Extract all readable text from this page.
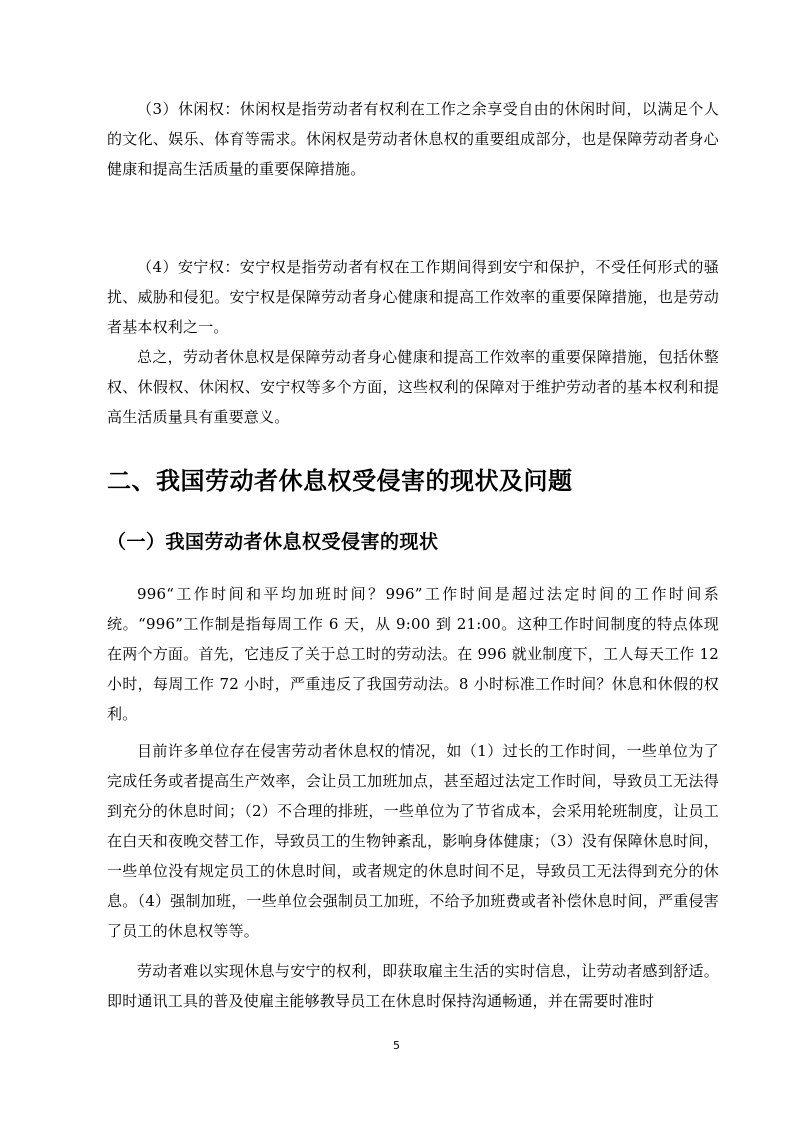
（3）休闲权：休闲权是指劳动者有权利在工作之余享受自由的休闲时间，以满足个人的文化、娱乐、体育等需求。休闲权是劳动者休息权的重要组成部分，也是保障劳动者身心健康和提高生活质量的重要保障措施。

（4）安宁权：安宁权是指劳动者有权在工作期间得到安宁和保护，不受任何形式的骚扰、威胁和侵犯。安宁权是保障劳动者身心健康和提高工作效率的重要保障措施，也是劳动者基本权利之一。

总之，劳动者休息权是保障劳动者身心健康和提高工作效率的重要保障措施，包括休整权、休假权、休闲权、安宁权等多个方面，这些权利的保障对于维护劳动者的基本权利和提高生活质量具有重要意义。

二、我国劳动者休息权受侵害的现状及问题
（一）我国劳动者休息权受侵害的现状

996“工作时间和平均加班时间？996”工作时间是超过法定时间的工作时间系统。“996”工作制是指每周工作 6 天，从 9:00 到 21:00。这种工作时间制度的特点体现在两个方面。首先，它违反了关于总工时的劳动法。在 996 就业制度下，工人每天工作 12 小时，每周工作 72 小时，严重违反了我国劳动法。8 小时标准工作时间？休息和休假的权利。

目前许多单位存在侵害劳动者休息权的情况，如（1）过长的工作时间，一些单位为了完成任务或者提高生产效率，会让员工加班加点，甚至超过法定工作时间，导致员工无法得到充分的休息时间；（2）不合理的排班，一些单位为了节省成本，会采用轮班制度，让员工在白天和夜晚交替工作，导致员工的生物钟紊乱，影响身体健康；（3）没有保障休息时间，一些单位没有规定员工的休息时间，或者规定的休息时间不足，导致员工无法得到充分的休息。（4）强制加班，一些单位会强制员工加班，不给予加班费或者补偿休息时间，严重侵害了员工的休息权等等。

劳动者难以实现休息与安宁的权利，即获取雇主生活的实时信息，让劳动者感到舒适。即时通讯工具的普及使雇主能够教导员工在休息时保持沟通畅通，并在需要时准时

5
